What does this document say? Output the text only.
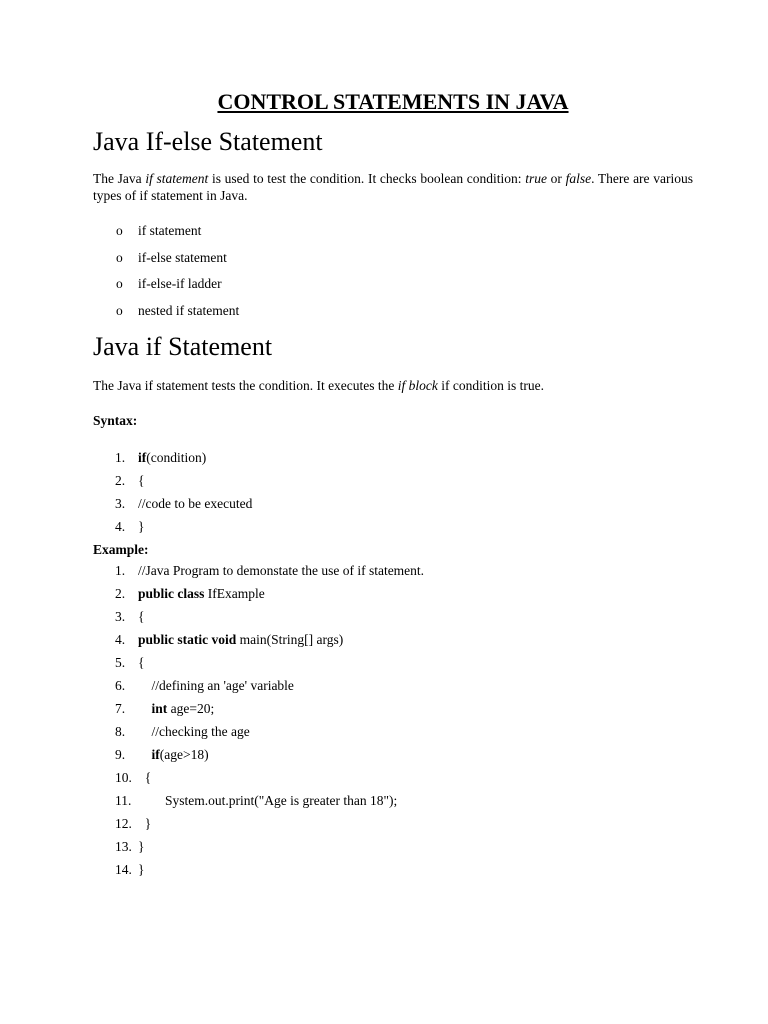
CONTROL STATEMENTS IN JAVA
Java If-else Statement

The Java if statement is used to test the condition. It checks boolean condition: true or false. There are various types of if statement in Java.

o if statement
o if-else statement
o if-else-if ladder
o nested if statement
Java if Statement

The Java if statement tests the condition. It executes the if block if condition is true.

Syntax:
1. if(condition)
2. {
3. //code to be executed
4. }
Example:
1. //Java Program to demonstate the use of if statement.
2. public class IfExample
3. {
4. public static void main(String[] args)
5. {
6. //defining an 'age' variable
7. int age=20;
8. //checking the age
9. if(age>18)
10. {
11. System.out.print("Age is greater than 18");
12. }
13. }
14. }
